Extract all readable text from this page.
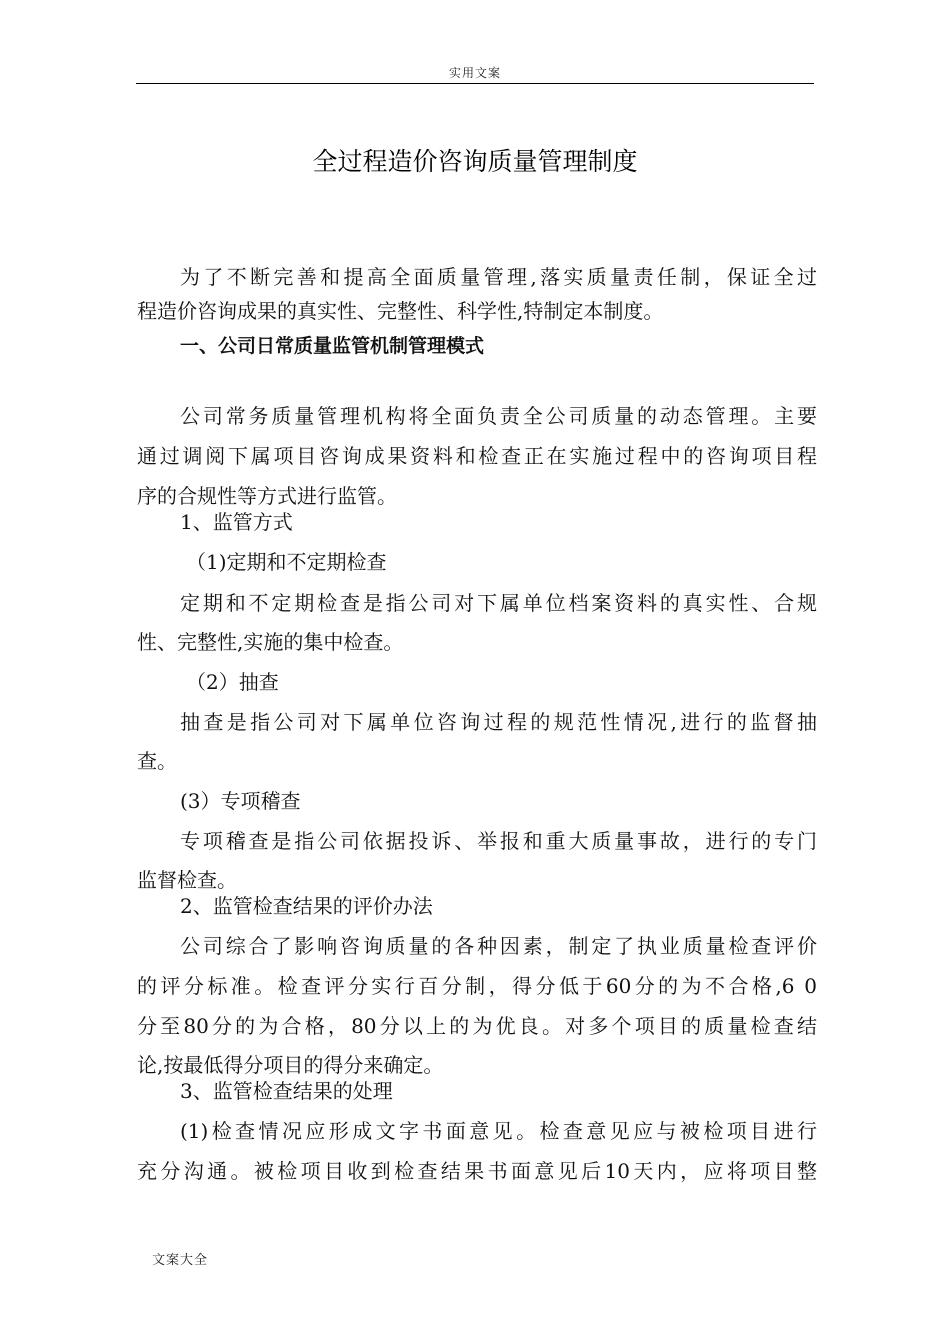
实用文案
全过程造价咨询质量管理制度
为了不断完善和提高全面质量管理,落实质量责任制，保证全过
程造价咨询成果的真实性、完整性、科学性,特制定本制度。
一、公司日常质量监管机制管理模式
公司常务质量管理机构将全面负责全公司质量的动态管理。主要
通过调阅下属项目咨询成果资料和检查正在实施过程中的咨询项目程
序的合规性等方式进行监管。
1、监管方式
（1)定期和不定期检查
定期和不定期检查是指公司对下属单位档案资料的真实性、合规
性、完整性,实施的集中检查。
（2）抽查
抽查是指公司对下属单位咨询过程的规范性情况,进行的监督抽
查。
(3）专项稽查
专项稽查是指公司依据投诉、举报和重大质量事故，进行的专门
监督检查。
2、监管检查结果的评价办法
公司综合了影响咨询质量的各种因素，制定了执业质量检查评价
的评分标准。检查评分实行百分制，得分低于60分的为不合格,6 0
分至80分的为合格，80分以上的为优良。对多个项目的质量检查结
论,按最低得分项目的得分来确定。
3、监管检查结果的处理
(1)检查情况应形成文字书面意见。检查意见应与被检项目进行
充分沟通。被检项目收到检查结果书面意见后10天内，应将项目整
文案大全
